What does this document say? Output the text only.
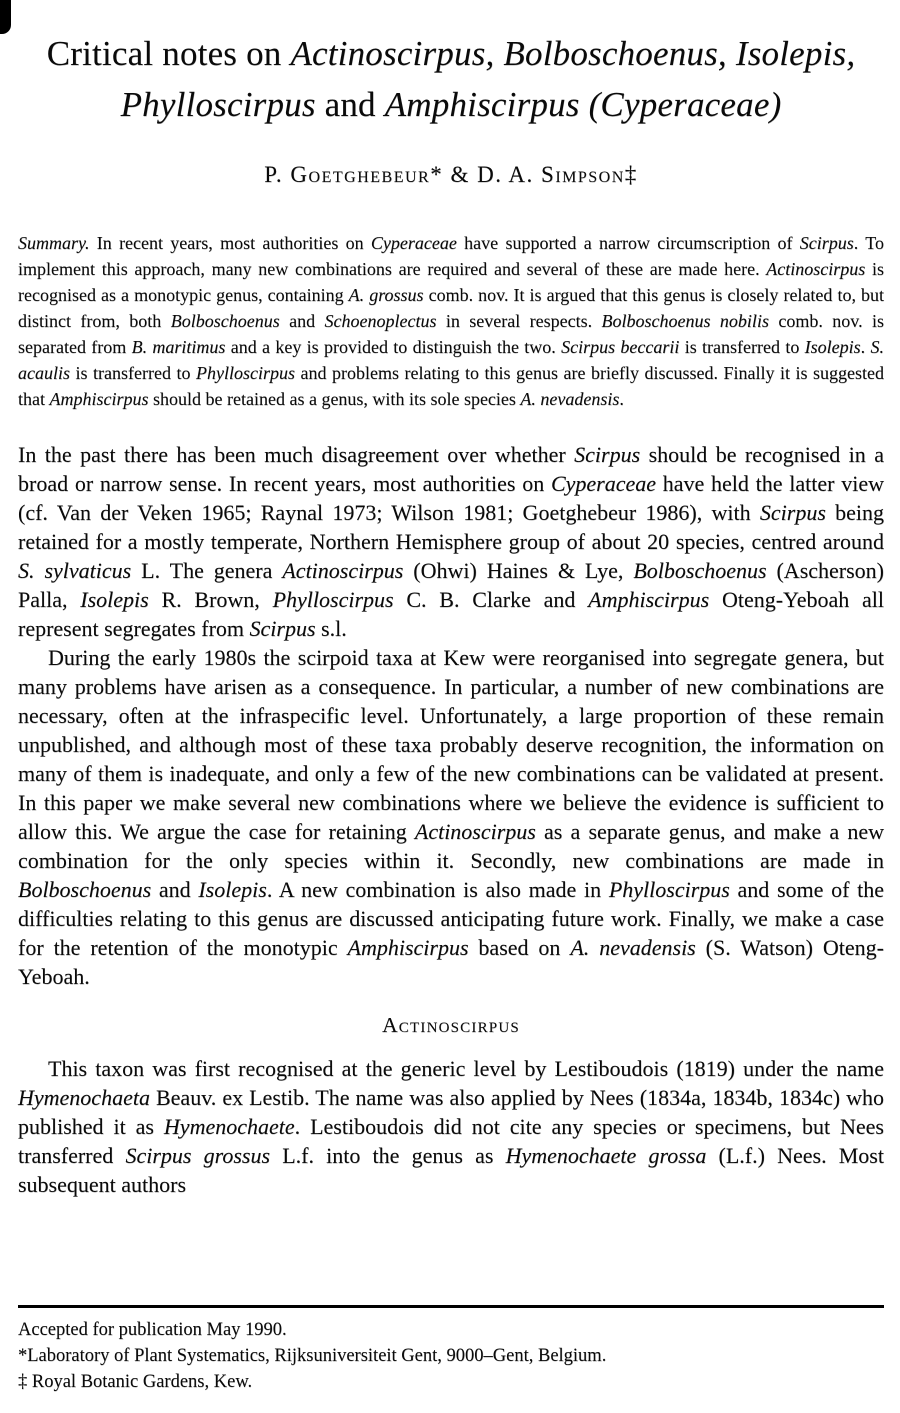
Critical notes on Actinoscirpus, Bolboschoenus, Isolepis,
Phylloscirpus and Amphiscirpus (Cyperaceae)
P. Goetghebeur* & D. A. Simpson‡

Summary. In recent years, most authorities on Cyperaceae have supported a narrow circumscription of Scirpus. To implement this approach, many new combinations are required and several of these are made here. Actinoscirpus is recognised as a monotypic genus, containing A. grossus comb. nov. It is argued that this genus is closely related to, but distinct from, both Bolboschoenus and Schoenoplectus in several respects. Bolboschoenus nobilis comb. nov. is separated from B. maritimus and a key is provided to distinguish the two. Scirpus beccarii is transferred to Isolepis. S. acaulis is transferred to Phylloscirpus and problems relating to this genus are briefly discussed. Finally it is suggested that Amphiscirpus should be retained as a genus, with its sole species A. nevadensis.

In the past there has been much disagreement over whether Scirpus should be recognised in a broad or narrow sense. In recent years, most authorities on Cyperaceae have held the latter view (cf. Van der Veken 1965; Raynal 1973; Wilson 1981; Goetghebeur 1986), with Scirpus being retained for a mostly temperate, Northern Hemisphere group of about 20 species, centred around S. sylvaticus L. The genera Actinoscirpus (Ohwi) Haines & Lye, Bolboschoenus (Ascherson) Palla, Isolepis R. Brown, Phylloscirpus C. B. Clarke and Amphiscirpus Oteng-Yeboah all represent segregates from Scirpus s.l.

During the early 1980s the scirpoid taxa at Kew were reorganised into segregate genera, but many problems have arisen as a consequence. In particular, a number of new combinations are necessary, often at the infraspecific level. Unfortunately, a large proportion of these remain unpublished, and although most of these taxa probably deserve recognition, the information on many of them is inadequate, and only a few of the new combinations can be validated at present. In this paper we make several new combinations where we believe the evidence is sufficient to allow this. We argue the case for retaining Actinoscirpus as a separate genus, and make a new combination for the only species within it. Secondly, new combinations are made in Bolboschoenus and Isolepis. A new combination is also made in Phylloscirpus and some of the difficulties relating to this genus are discussed anticipating future work. Finally, we make a case for the retention of the monotypic Amphiscirpus based on A. nevadensis (S. Watson) Oteng-Yeboah.

Actinoscirpus

This taxon was first recognised at the generic level by Lestiboudois (1819) under the name Hymenochaeta Beauv. ex Lestib. The name was also applied by Nees (1834a, 1834b, 1834c) who published it as Hymenochaete. Lestiboudois did not cite any species or specimens, but Nees transferred Scirpus grossus L.f. into the genus as Hymenochaete grossa (L.f.) Nees. Most subsequent authors

Accepted for publication May 1990.
*Laboratory of Plant Systematics, Rijksuniversiteit Gent, 9000–Gent, Belgium.
‡ Royal Botanic Gardens, Kew.
